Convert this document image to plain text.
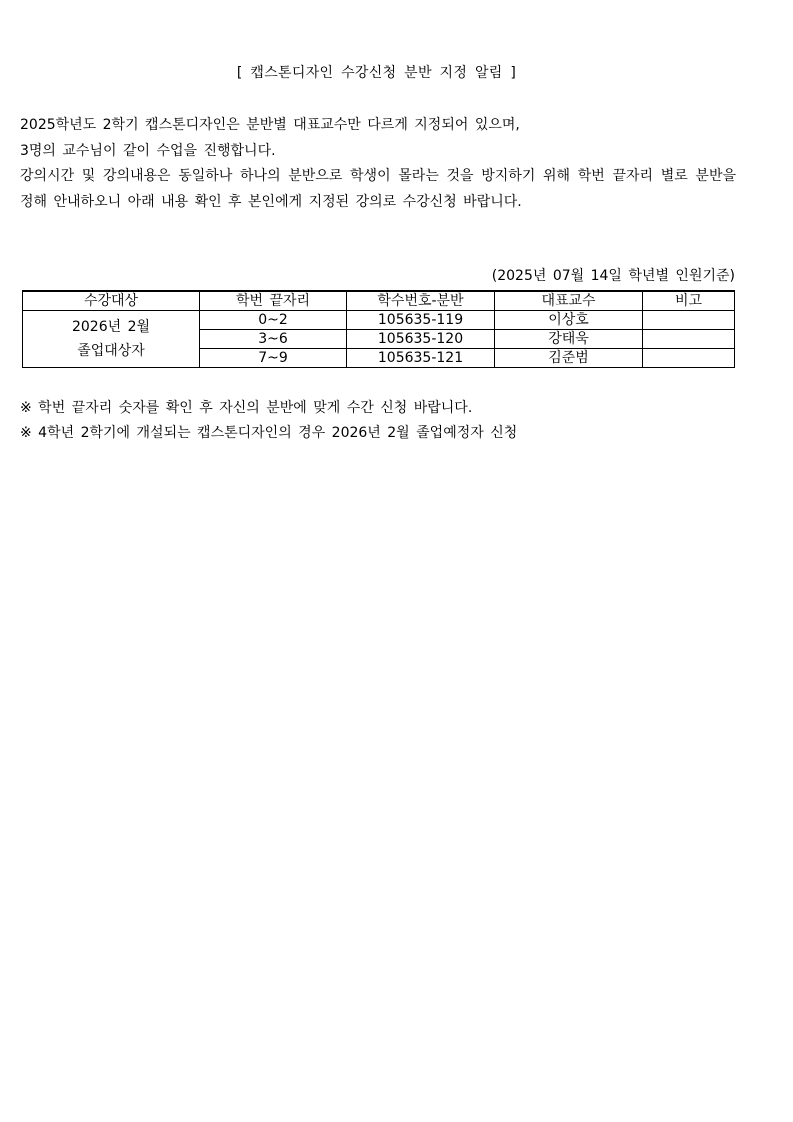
[ 캡스톤디자인 수강신청 분반 지정 알림 ]

2025학년도 2학기 캡스톤디자인은 분반별 대표교수만 다르게 지정되어 있으며,

3명의 교수님이 같이 수업을 진행합니다.

강의시간 및 강의내용은 동일하나 하나의 분반으로 학생이 몰라는 것을 방지하기 위해 학번 끝자리 별로 분반을 정해 안내하오니 아래 내용 확인 후 본인에게 지정된 강의로 수강신청 바랍니다.

(2025년 07월 14일 학년별 인원기준)
수강대상	학번 끝자리	학수번호-분반	대표교수	비고

2026년 2월
졸업대상자	0~2	105635-119	이상호	
	3~6	105635-120	강태욱	
	7~9	105635-121	김준범	
※ 학번 끝자리 숫자를 확인 후 자신의 분반에 맞게 수간 신청 바랍니다.
※ 4학년 2학기에 개설되는 캡스톤디자인의 경우 2026년 2월 졸업예정자 신청
